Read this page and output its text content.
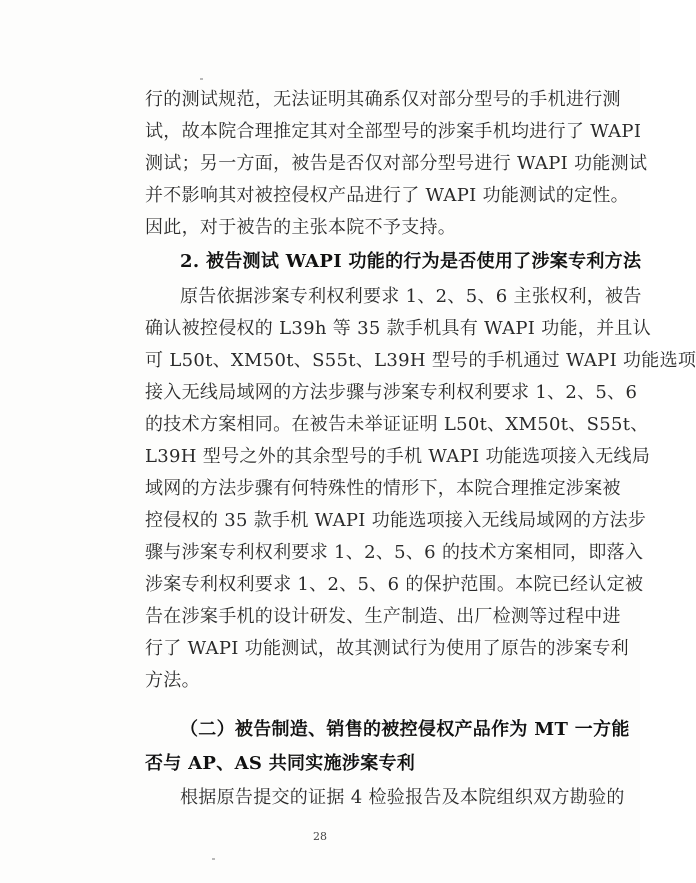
行的测试规范，无法证明其确系仅对部分型号的手机进行测
试，故本院合理推定其对全部型号的涉案手机均进行了 WAPI
测试；另一方面，被告是否仅对部分型号进行 WAPI 功能测试
并不影响其对被控侵权产品进行了 WAPI 功能测试的定性。
因此，对于被告的主张本院不予支持。
2. 被告测试 WAPI 功能的行为是否使用了涉案专利方法
原告依据涉案专利权利要求 1、2、5、6 主张权利，被告
确认被控侵权的 L39h 等 35 款手机具有 WAPI 功能，并且认
可 L50t、XM50t、S55t、L39H 型号的手机通过 WAPI 功能选项
接入无线局域网的方法步骤与涉案专利权利要求 1、2、5、6
的技术方案相同。在被告未举证证明 L50t、XM50t、S55t、
L39H 型号之外的其余型号的手机 WAPI 功能选项接入无线局
域网的方法步骤有何特殊性的情形下，本院合理推定涉案被
控侵权的 35 款手机 WAPI 功能选项接入无线局域网的方法步
骤与涉案专利权利要求 1、2、5、6 的技术方案相同，即落入
涉案专利权利要求 1、2、5、6 的保护范围。本院已经认定被
告在涉案手机的设计研发、生产制造、出厂检测等过程中进
行了 WAPI 功能测试，故其测试行为使用了原告的涉案专利
方法。
（二）被告制造、销售的被控侵权产品作为 MT 一方能
否与 AP、AS 共同实施涉案专利
根据原告提交的证据 4 检验报告及本院组织双方勘验的
28
